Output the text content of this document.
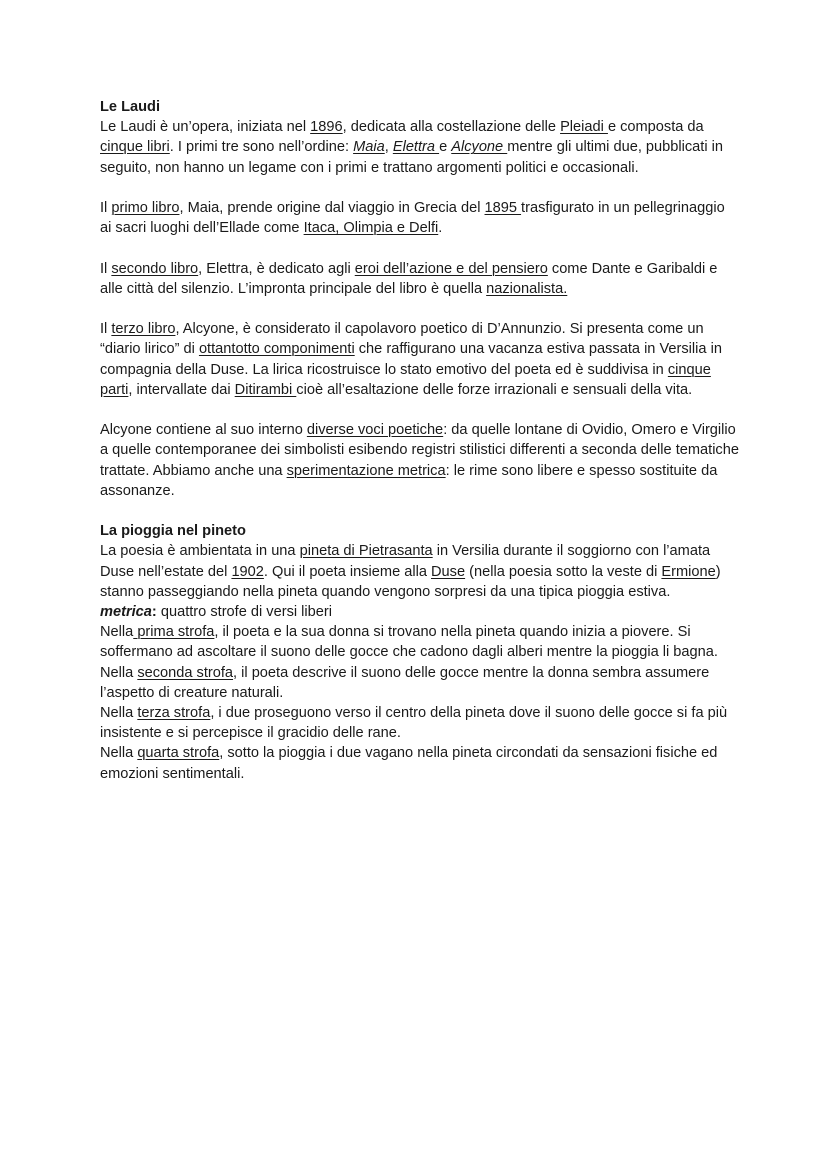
Le Laudi

Le Laudi è un’opera, iniziata nel 1896, dedicata alla costellazione delle Pleiadi e composta da cinque libri. I primi tre sono nell’ordine: Maia, Elettra e Alcyone mentre gli ultimi due, pubblicati in seguito, non hanno un legame con i primi e trattano argomenti politici e occasionali.

Il primo libro, Maia, prende origine dal viaggio in Grecia del 1895 trasfigurato in un pellegrinaggio ai sacri luoghi dell’Ellade come Itaca, Olimpia e Delfi.

Il secondo libro, Elettra, è dedicato agli eroi dell’azione e del pensiero come Dante e Garibaldi e alle città del silenzio. L’impronta principale del libro è quella nazionalista.

Il terzo libro, Alcyone, è considerato il capolavoro poetico di D’Annunzio. Si presenta come un “diario lirico” di ottantotto componimenti che raffigurano una vacanza estiva passata in Versilia in compagnia della Duse. La lirica ricostruisce lo stato emotivo del poeta ed è suddivisa in cinque parti, intervallate dai Ditirambi cioè all’esaltazione delle forze irrazionali e sensuali della vita.

Alcyone contiene al suo interno diverse voci poetiche: da quelle lontane di Ovidio, Omero e Virgilio a quelle contemporanee dei simbolisti esibendo registri stilistici differenti a seconda delle tematiche trattate. Abbiamo anche una sperimentazione metrica: le rime sono libere e spesso sostituite da assonanze.

La pioggia nel pineto

La poesia è ambientata in una pineta di Pietrasanta in Versilia durante il soggiorno con l’amata Duse nell’estate del 1902. Qui il poeta insieme alla Duse (nella poesia sotto la veste di Ermione) stanno passeggiando nella pineta quando vengono sorpresi da una tipica pioggia estiva.

metrica: quattro strofe di versi liberi

Nella prima strofa, il poeta e la sua donna si trovano nella pineta quando inizia a piovere. Si soffermano ad ascoltare il suono delle gocce che cadono dagli alberi mentre la pioggia li bagna.

Nella seconda strofa, il poeta descrive il suono delle gocce mentre la donna sembra assumere l’aspetto di creature naturali.

Nella terza strofa, i due proseguono verso il centro della pineta dove il suono delle gocce si fa più insistente e si percepisce il gracidio delle rane.

Nella quarta strofa, sotto la pioggia i due vagano nella pineta circondati da sensazioni fisiche ed emozioni sentimentali.
